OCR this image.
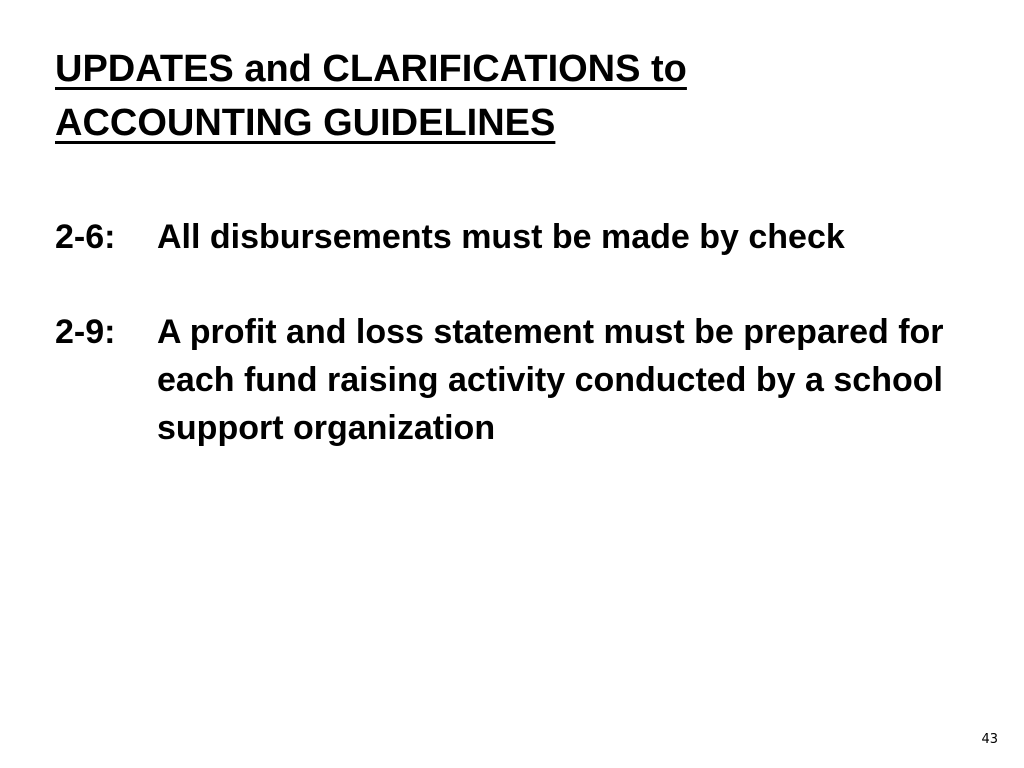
UPDATES and CLARIFICATIONS to
ACCOUNTING GUIDELINES

2-6: All disbursements must be made by check

2-9: A profit and loss statement must be prepared for each fund raising activity conducted by a school support organization

43
